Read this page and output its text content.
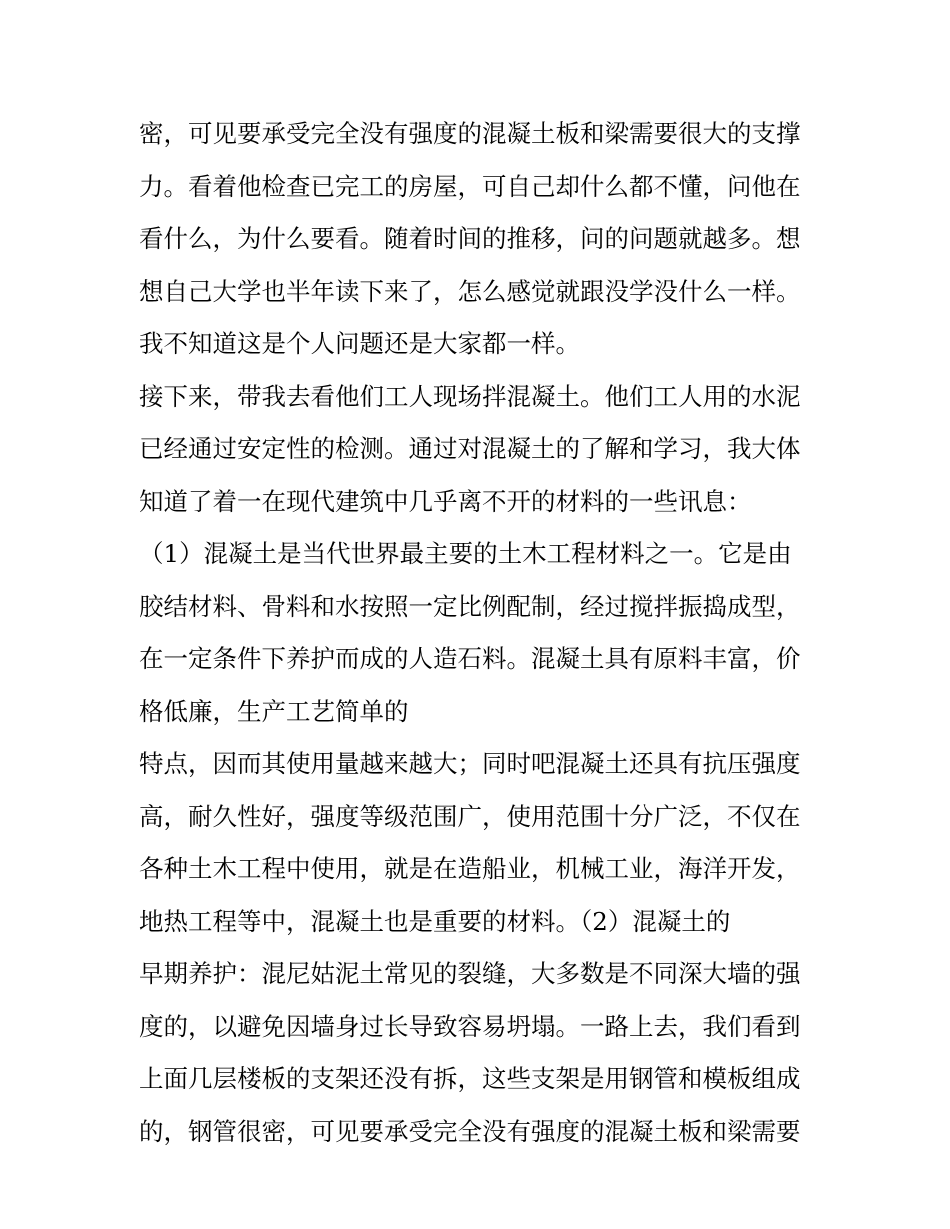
密，可见要承受完全没有强度的混凝土板和梁需要很大的支撑
力。看着他检查已完工的房屋，可自己却什么都不懂，问他在
看什么，为什么要看。随着时间的推移，问的问题就越多。想
想自己大学也半年读下来了，怎么感觉就跟没学没什么一样。
我不知道这是个人问题还是大家都一样。
接下来，带我去看他们工人现场拌混凝土。他们工人用的水泥
已经通过安定性的检测。通过对混凝土的了解和学习，我大体
知道了着一在现代建筑中几乎离不开的材料的一些讯息：
（1）混凝土是当代世界最主要的土木工程材料之一。它是由
胶结材料、骨料和水按照一定比例配制，经过搅拌振捣成型，
在一定条件下养护而成的人造石料。混凝土具有原料丰富，价
格低廉，生产工艺简单的
特点，因而其使用量越来越大；同时吧混凝土还具有抗压强度
高，耐久性好，强度等级范围广，使用范围十分广泛，不仅在
各种土木工程中使用，就是在造船业，机械工业，海洋开发，
地热工程等中，混凝土也是重要的材料。（2）混凝土的
早期养护：混尼姑泥土常见的裂缝，大多数是不同深大墙的强
度的，以避免因墙身过长导致容易坍塌。一路上去，我们看到
上面几层楼板的支架还没有拆，这些支架是用钢管和模板组成
的，钢管很密，可见要承受完全没有强度的混凝土板和梁需要
